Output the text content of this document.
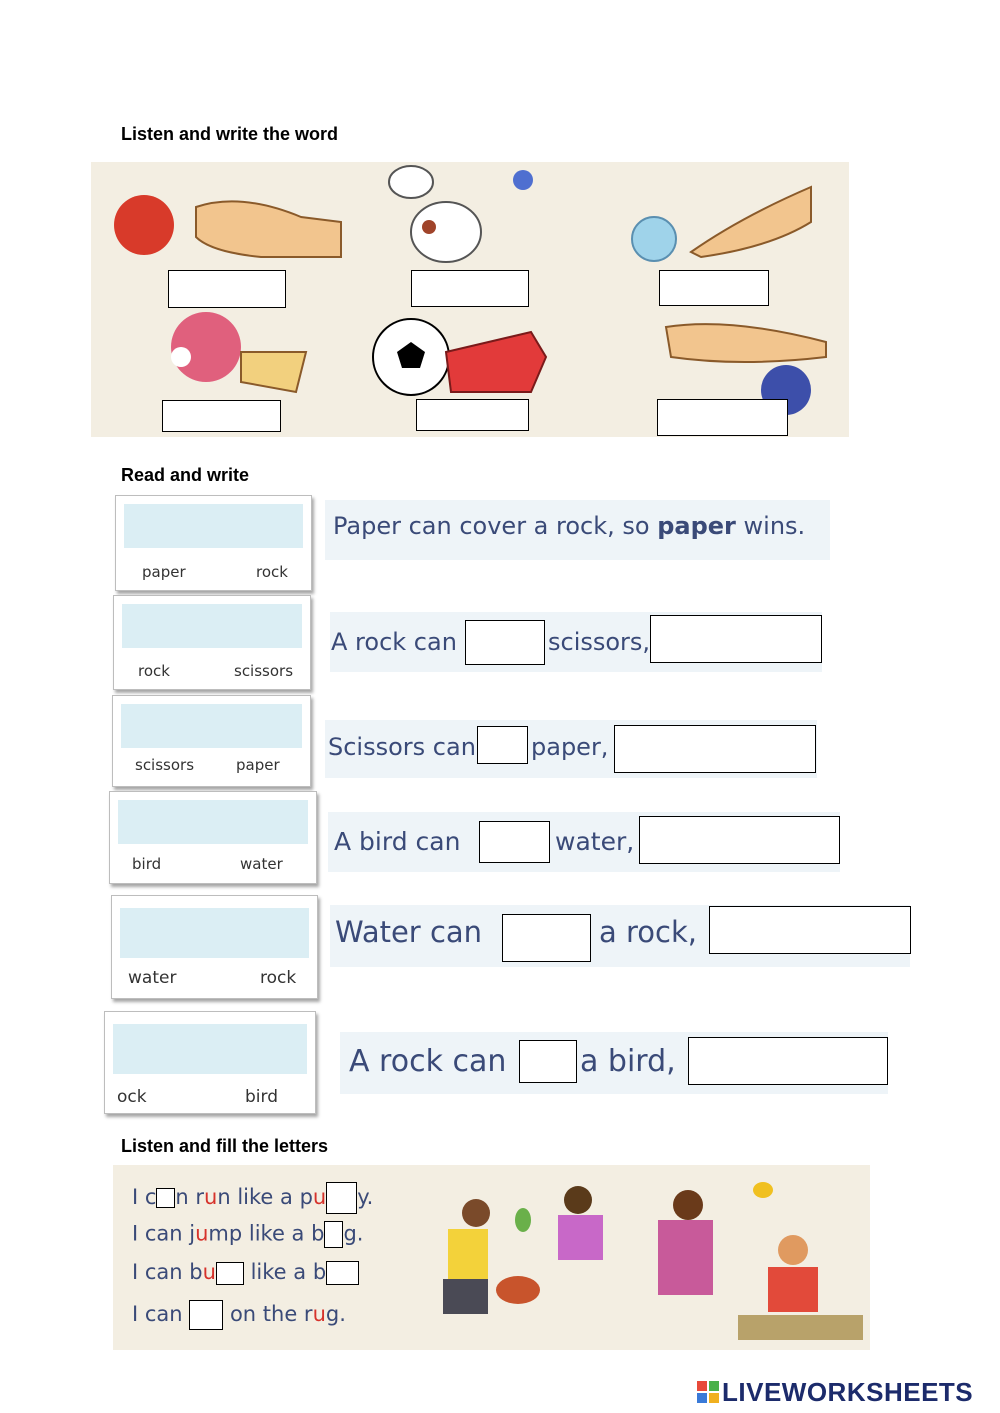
Listen and write the word
Read and write
paper	rock
rock	scissors
scissors	paper
bird	water
water	rock
ock	bird
Paper can cover a rock, so paper wins.
A rock can	scissors,
Scissors can paper,
A bird can	water,
Water can	a rock,
A rock can a bird,
Listen and fill the letters
I c n run like a pu y.
I can jump like a b g.
I can bu like a b
I can  on the rug.
LIVEWORKSHEETS
